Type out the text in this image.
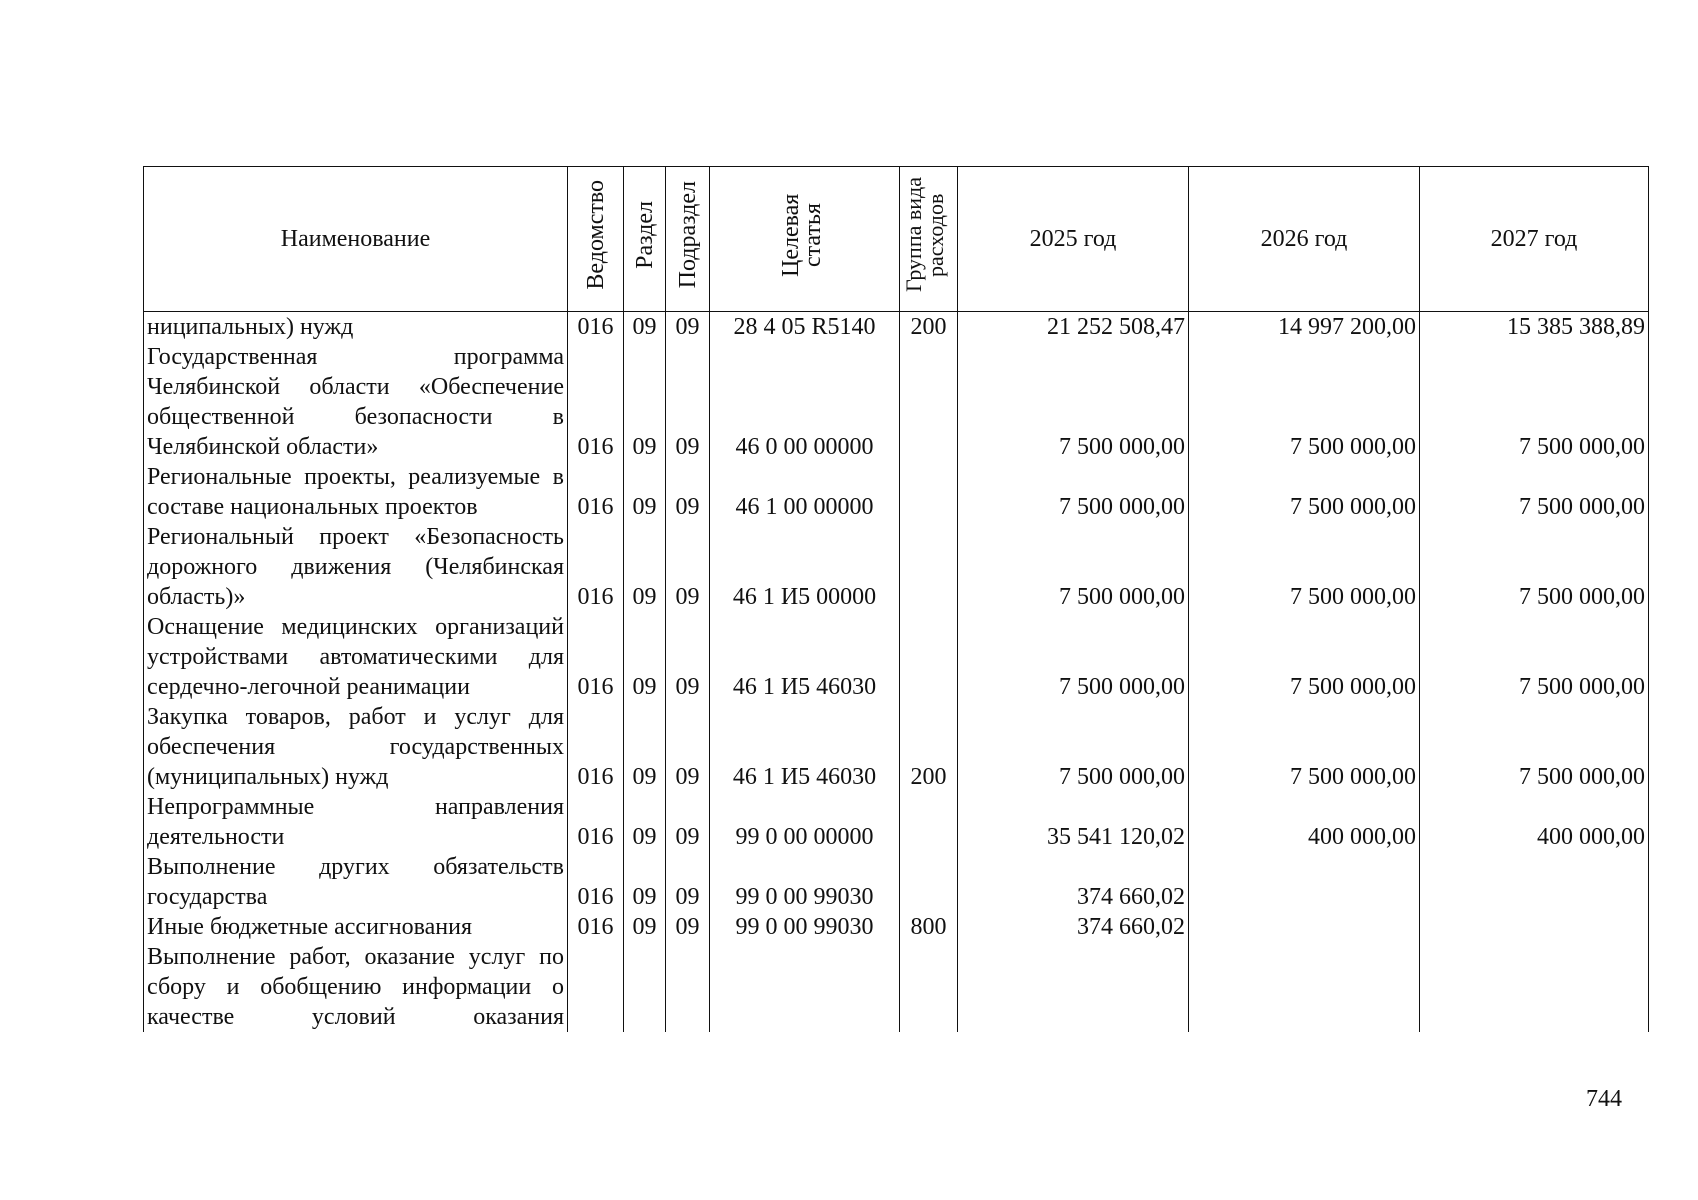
Наименование	Ведомство	Раздел	Подраздел	Целевая статья	Группа вида расходов	2025 год	2026 год	2027 год
ниципальных) нужд	016	09	09	28 4 05 R5140	200	21 252 508,47	14 997 200,00	15 385 388,89
Государственная программа Челябинской области «Обеспечение общественной безопасности в Челябинской области»	016	09	09	46 0 00 00000		7 500 000,00	7 500 000,00	7 500 000,00
Региональные проекты, реализуемые в составе национальных проектов	016	09	09	46 1 00 00000		7 500 000,00	7 500 000,00	7 500 000,00
Региональный проект «Безопасность дорожного движения (Челябинская область)»	016	09	09	46 1 И5 00000		7 500 000,00	7 500 000,00	7 500 000,00
Оснащение медицинских организаций устройствами автоматическими для сердечно-легочной реанимации	016	09	09	46 1 И5 46030		7 500 000,00	7 500 000,00	7 500 000,00
Закупка товаров, работ и услуг для обеспечения государственных (муниципальных) нужд	016	09	09	46 1 И5 46030	200	7 500 000,00	7 500 000,00	7 500 000,00
Непрограммные направления деятельности	016	09	09	99 0 00 00000		35 541 120,02	400 000,00	400 000,00
Выполнение других обязательств государства	016	09	09	99 0 00 99030		374 660,02		
Иные бюджетные ассигнования	016	09	09	99 0 00 99030	800	374 660,02		
Выполнение работ, оказание услуг по сбору и обобщению информации о качестве условий оказания								
744
